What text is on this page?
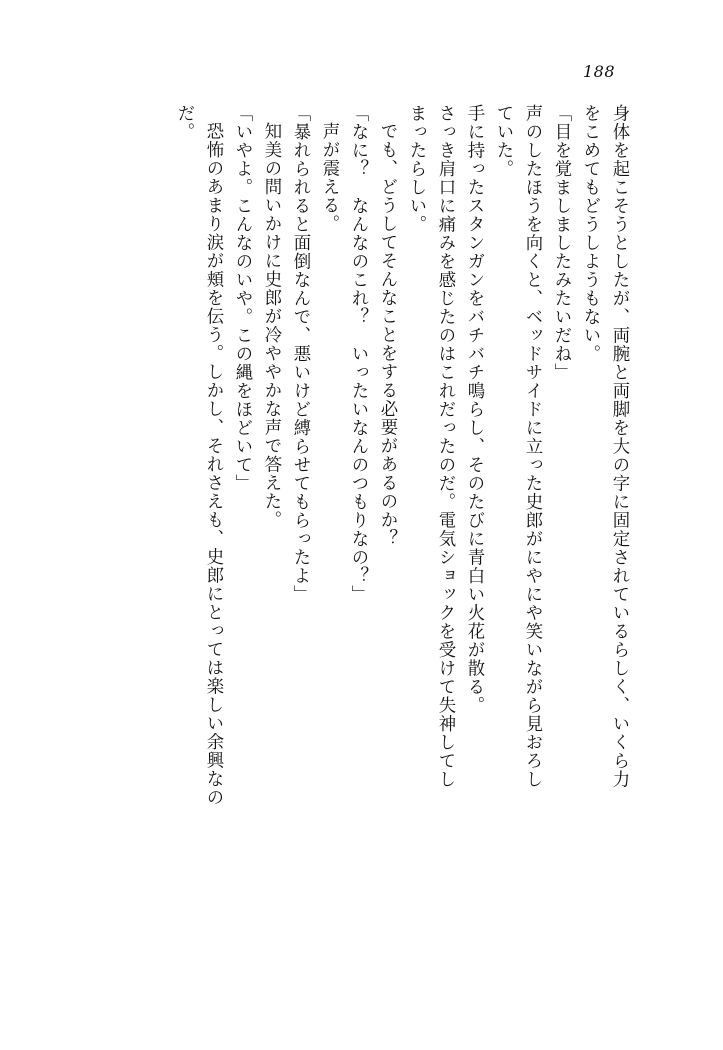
188
身体を起こそうとしたが、両腕と両脚を大の字に固定されているらしく、いくら力
をこめてもどうしようもない。
「目を覚ましましたみたいだね」
声のしたほうを向くと、ベッドサイドに立った史郎がにやにや笑いながら見おろし
ていた。
手に持ったスタンガンをバチバチ鳴らし、そのたびに青白い火花が散る。
さっき肩口に痛みを感じたのはこれだったのだ。電気ショックを受けて失神してし
まったらしい。
でも、どうしてそんなことをする必要があるのか？
「なに？　なんなのこれ？　いったいなんのつもりなの？」
声が震える。
「暴れられると面倒なんで、悪いけど縛らせてもらったよ」
知美の問いかけに史郎が冷ややかな声で答えた。
「いやよ。こんなのいや。この縄をほどいて」
恐怖のあまり涙が頬を伝う。しかし、それさえも、史郎にとっては楽しい余興なの
だ。
